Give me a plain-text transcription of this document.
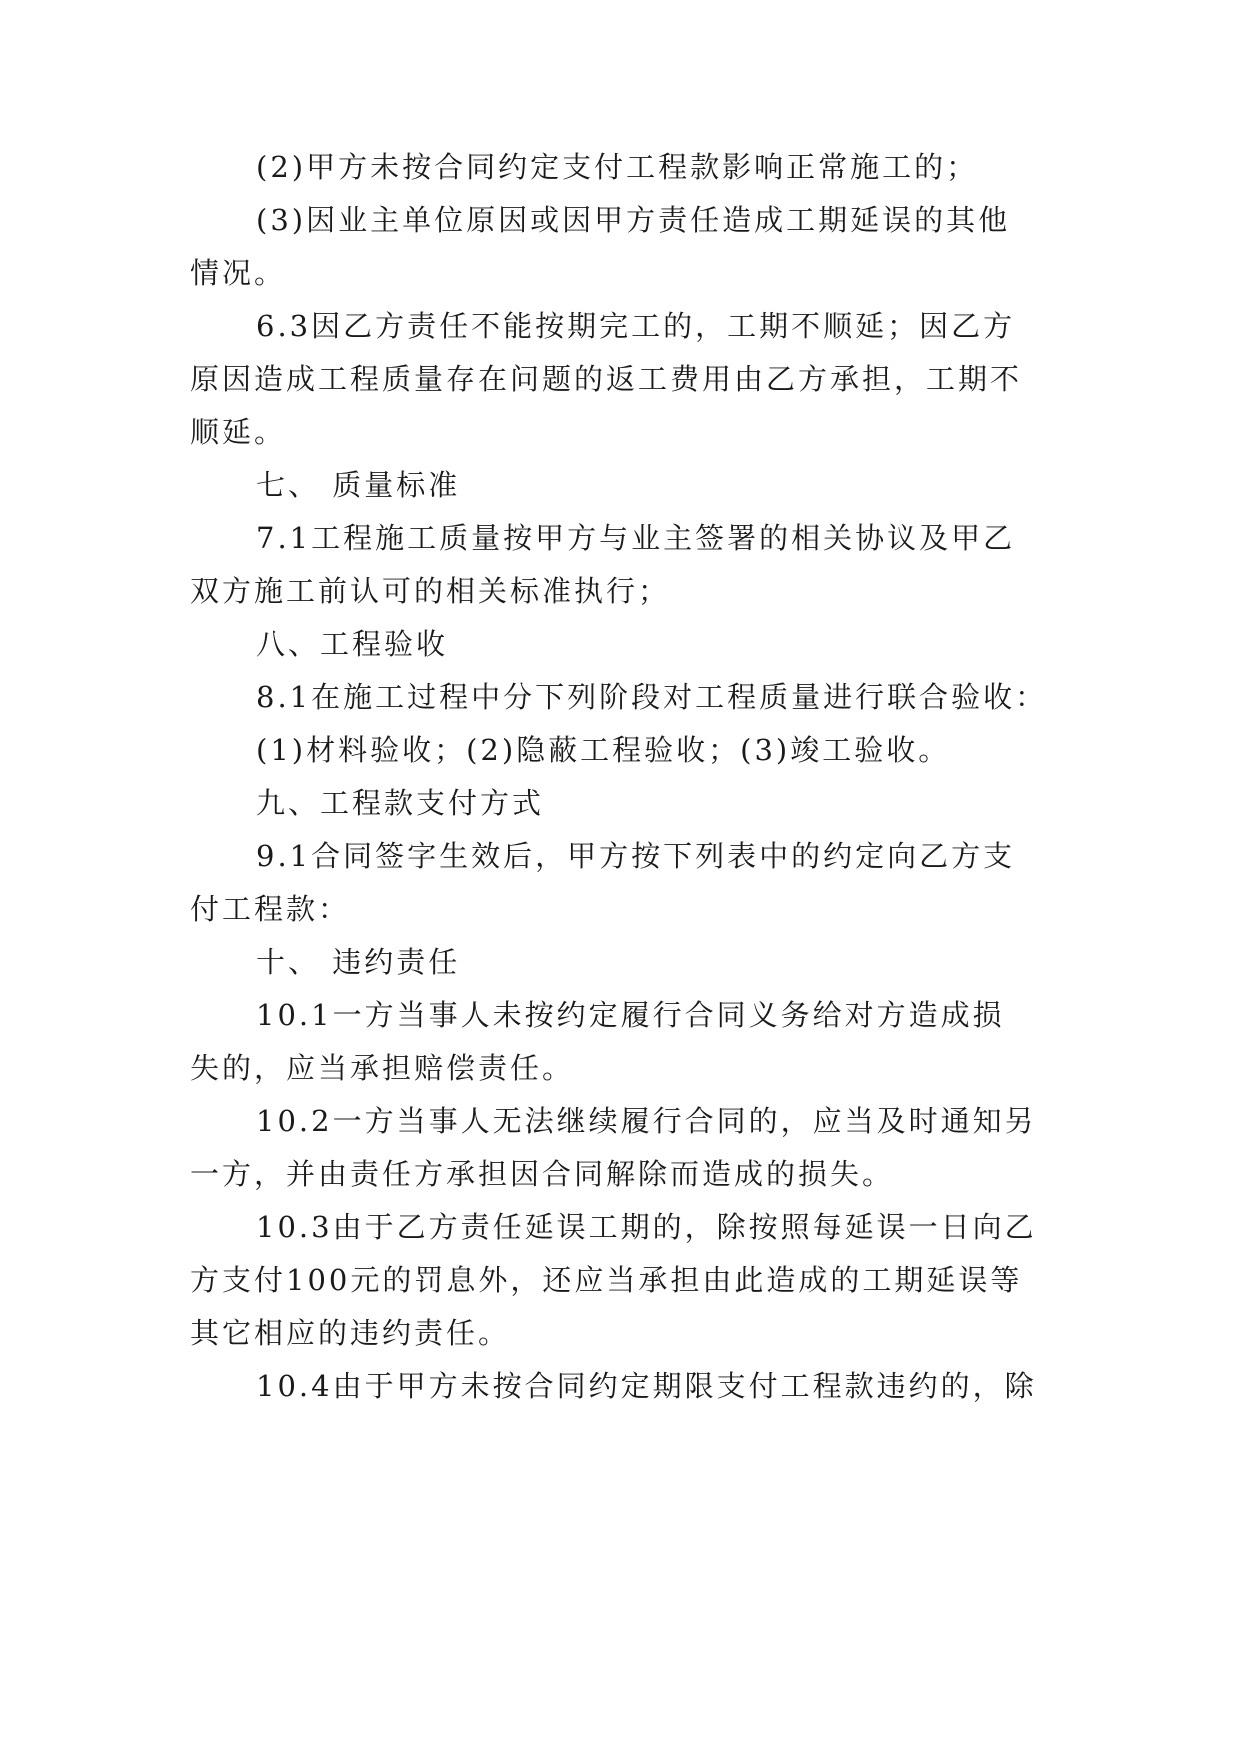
(2)甲方未按合同约定支付工程款影响正常施工的；
(3)因业主单位原因或因甲方责任造成工期延误的其他
情况。
6.3因乙方责任不能按期完工的，工期不顺延；因乙方
原因造成工程质量存在问题的返工费用由乙方承担，工期不
顺延。
七、 质量标准
7.1工程施工质量按甲方与业主签署的相关协议及甲乙
双方施工前认可的相关标准执行；
八、工程验收
8.1在施工过程中分下列阶段对工程质量进行联合验收：
(1)材料验收；(2)隐蔽工程验收；(3)竣工验收。
九、工程款支付方式
9.1合同签字生效后，甲方按下列表中的约定向乙方支
付工程款：
十、 违约责任
10.1一方当事人未按约定履行合同义务给对方造成损
失的，应当承担赔偿责任。
10.2一方当事人无法继续履行合同的，应当及时通知另
一方，并由责任方承担因合同解除而造成的损失。
10.3由于乙方责任延误工期的，除按照每延误一日向乙
方支付100元的罚息外，还应当承担由此造成的工期延误等
其它相应的违约责任。
10.4由于甲方未按合同约定期限支付工程款违约的，除
